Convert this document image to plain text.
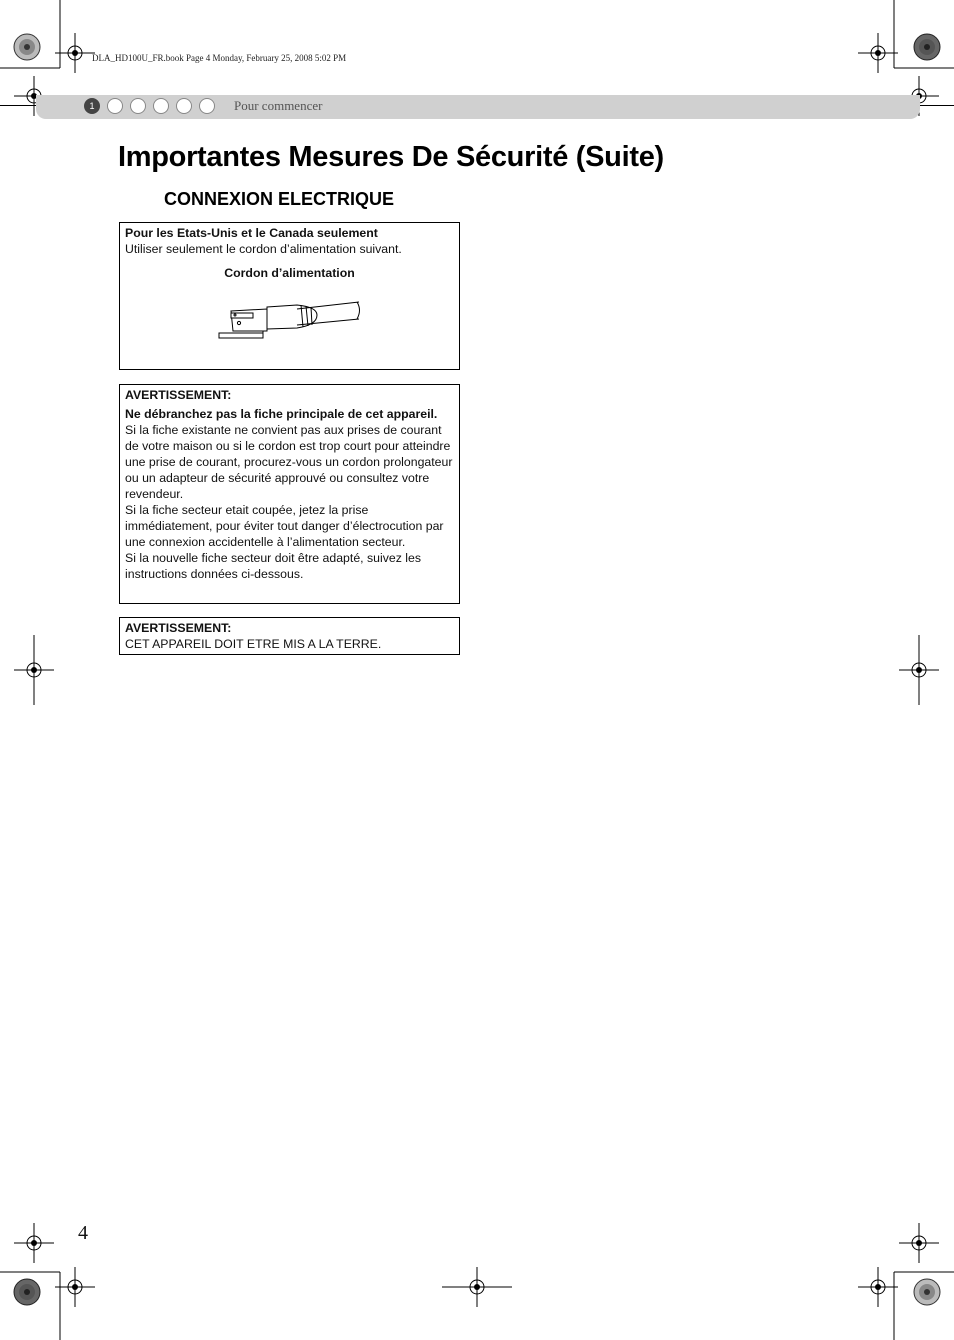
DLA_HD100U_FR.book Page 4 Monday, February 25, 2008 5:02 PM
1	Pour commencer
Importantes Mesures De Sécurité (Suite)
CONNEXION ELECTRIQUE

Pour les Etats-Unis et le Canada seulement

Utiliser seulement le cordon d’alimentation suivant.

Cordon d’alimentation

AVERTISSEMENT:

Ne débranchez pas la fiche principale de cet appareil.

Si la fiche existante ne convient pas aux prises de courant de votre maison ou si le cordon est trop court pour atteindre une prise de courant, procurez-vous un cordon prolongateur ou un adapteur de sécurité approuvé ou consultez votre revendeur.

Si la fiche secteur etait coupée, jetez la prise immédiatement, pour éviter tout danger d’électrocution par une connexion accidentelle à l’alimentation secteur.

Si la nouvelle fiche secteur doit être adapté, suivez les instructions données ci-dessous.

AVERTISSEMENT:

CET APPAREIL DOIT ETRE MIS A LA TERRE.

4
